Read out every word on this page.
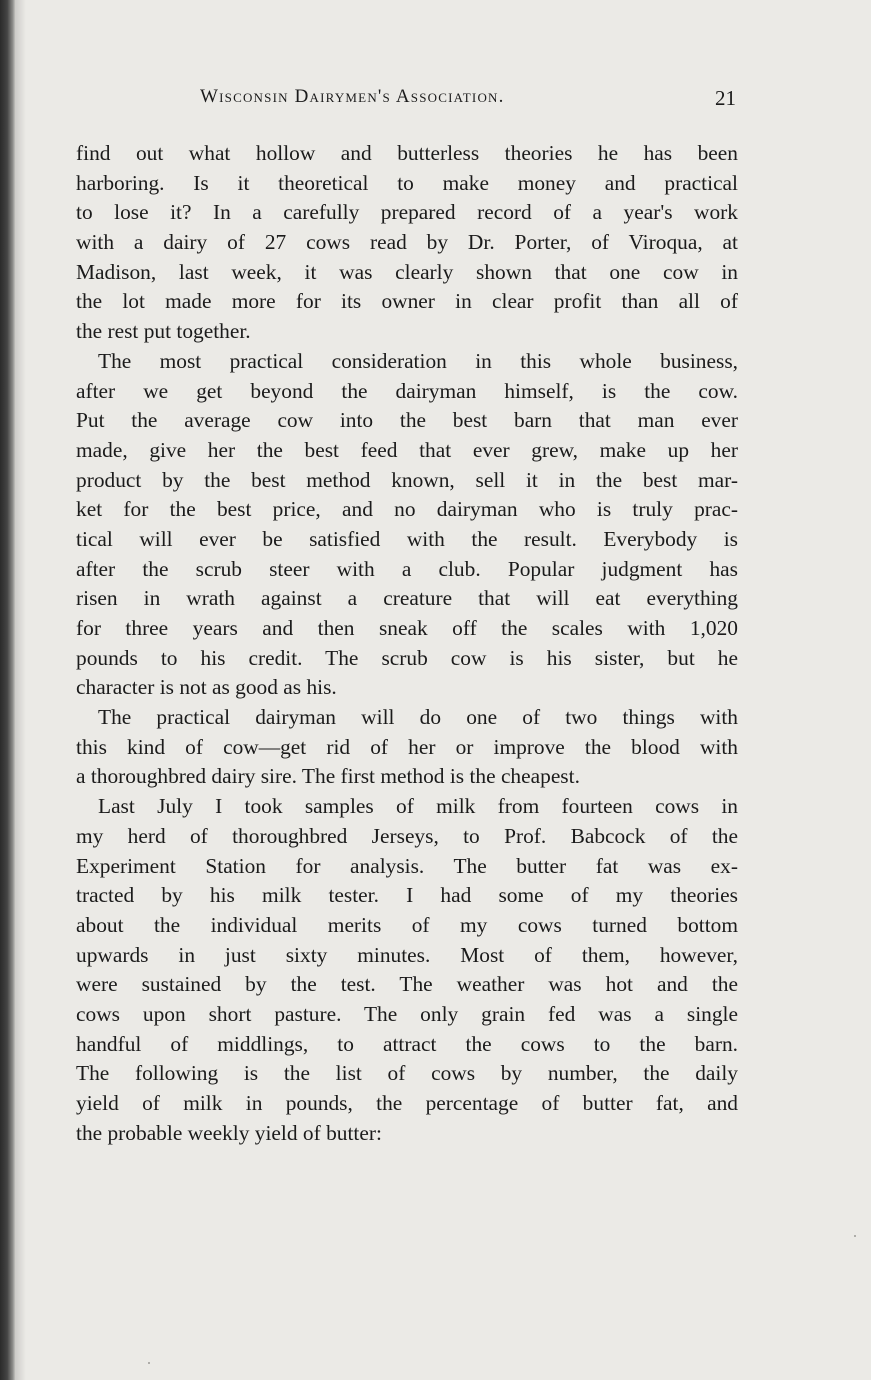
Wisconsin Dairymen's Association.	21
find out what hollow and butterless theories he has been
harboring. Is it theoretical to make money and practical
to lose it? In a carefully prepared record of a year's work
with a dairy of 27 cows read by Dr. Porter, of Viroqua, at
Madison, last week, it was clearly shown that one cow in
the lot made more for its owner in clear profit than all of
the rest put together.
The most practical consideration in this whole business,
after we get beyond the dairyman himself, is the cow.
Put the average cow into the best barn that man ever
made, give her the best feed that ever grew, make up her
product by the best method known, sell it in the best mar-
ket for the best price, and no dairyman who is truly prac-
tical will ever be satisfied with the result. Everybody is
after the scrub steer with a club. Popular judgment has
risen in wrath against a creature that will eat everything
for three years and then sneak off the scales with 1,020
pounds to his credit. The scrub cow is his sister, but he
character is not as good as his.
The practical dairyman will do one of two things with
this kind of cow—get rid of her or improve the blood with
a thoroughbred dairy sire. The first method is the cheapest.
Last July I took samples of milk from fourteen cows in
my herd of thoroughbred Jerseys, to Prof. Babcock of the
Experiment Station for analysis. The butter fat was ex-
tracted by his milk tester. I had some of my theories
about the individual merits of my cows turned bottom
upwards in just sixty minutes. Most of them, however,
were sustained by the test. The weather was hot and the
cows upon short pasture. The only grain fed was a single
handful of middlings, to attract the cows to the barn.
The following is the list of cows by number, the daily
yield of milk in pounds, the percentage of butter fat, and
the probable weekly yield of butter:
